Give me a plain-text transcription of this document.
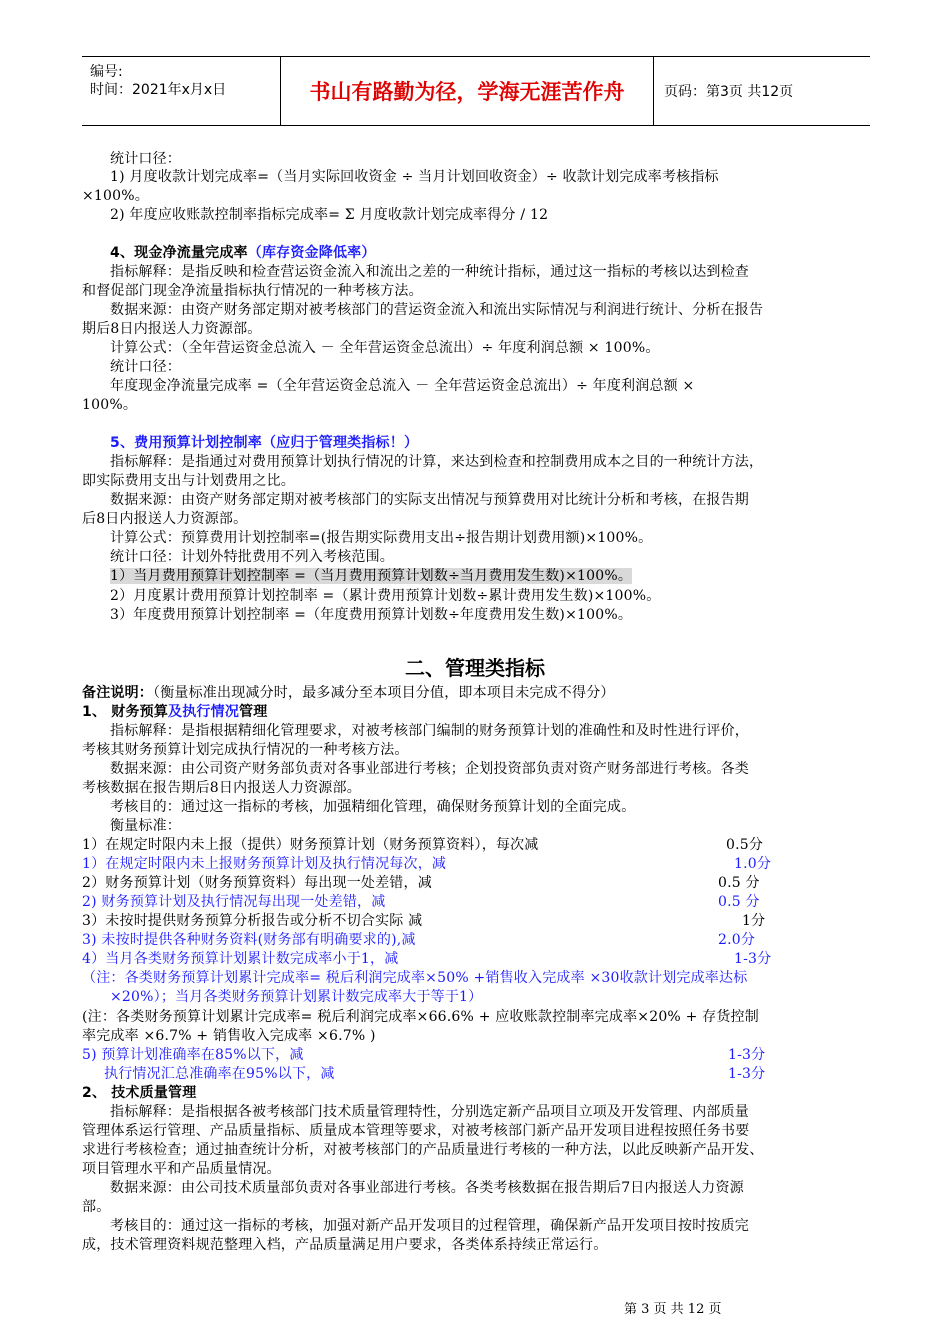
编号:
时间：2021年x月x日	书山有路勤为径，学海无涯苦作舟	页码：第3页 共12页
统计口径：
1) 月度收款计划完成率=（当月实际回收资金 ÷ 当月计划回收资金）÷ 收款计划完成率考核指标
×100%。
2) 年度应收账款控制率指标完成率= Σ 月度收款计划完成率得分 / 12
4、现金净流量完成率（库存资金降低率）
指标解释：是指反映和检查营运资金流入和流出之差的一种统计指标，通过这一指标的考核以达到检查
和督促部门现金净流量指标执行情况的一种考核方法。
数据来源：由资产财务部定期对被考核部门的营运资金流入和流出实际情况与利润进行统计、分析在报告
期后8日内报送人力资源部。
计算公式：（全年营运资金总流入 － 全年营运资金总流出）÷ 年度利润总额 × 100%。
统计口径：
年度现金净流量完成率 =（全年营运资金总流入 － 全年营运资金总流出）÷ 年度利润总额 ×
100%。
5、费用预算计划控制率（应归于管理类指标！）
指标解释：是指通过对费用预算计划执行情况的计算，来达到检查和控制费用成本之目的一种统计方法，
即实际费用支出与计划费用之比。
数据来源：由资产财务部定期对被考核部门的实际支出情况与预算费用对比统计分析和考核，在报告期
后8日内报送人力资源部。
计算公式：预算费用计划控制率=(报告期实际费用支出÷报告期计划费用额)×100%。
统计口径：计划外特批费用不列入考核范围。
1）当月费用预算计划控制率 =（当月费用预算计划数÷当月费用发生数)×100%。
2）月度累计费用预算计划控制率 =（累计费用预算计划数÷累计费用发生数)×100%。
3）年度费用预算计划控制率 =（年度费用预算计划数÷年度费用发生数)×100%。
二、管理类指标
备注说明：（衡量标准出现减分时，最多减分至本项目分值，即本项目未完成不得分）
1、 财务预算及执行情况管理
指标解释：是指根据精细化管理要求，对被考核部门编制的财务预算计划的准确性和及时性进行评价，
考核其财务预算计划完成执行情况的一种考核方法。
数据来源：由公司资产财务部负责对各事业部进行考核；企划投资部负责对资产财务部进行考核。各类
考核数据在报告期后8日内报送人力资源部。
考核目的：通过这一指标的考核，加强精细化管理，确保财务预算计划的全面完成。
衡量标准：
1）在规定时限内未上报（提供）财务预算计划（财务预算资料），每次减	0.5分
1）在规定时限内未上报财务预算计划及执行情况每次，减	1.0分
2）财务预算计划（财务预算资料）每出现一处差错，减	0.5 分
2) 财务预算计划及执行情况每出现一处差错，减	0.5 分
3）未按时提供财务预算分析报告或分析不切合实际 减	1分
3) 未按时提供各种财务资料(财务部有明确要求的),减	2.0分
4）当月各类财务预算计划累计数完成率小于1，减	1-3分
（注：各类财务预算计划累计完成率= 税后利润完成率×50% +销售收入完成率 ×30收款计划完成率达标
×20%）；当月各类财务预算计划累计数完成率大于等于1）
(注：各类财务预算计划累计完成率= 税后利润完成率×66.6% + 应收账款控制率完成率×20% + 存货控制
率完成率 ×6.7% + 销售收入完成率 ×6.7% )
5) 预算计划准确率在85%以下，减	1-3分
执行情况汇总准确率在95%以下，减	1-3分
2、 技术质量管理
指标解释：是指根据各被考核部门技术质量管理特性，分别选定新产品项目立项及开发管理、内部质量
管理体系运行管理、产品质量指标、质量成本管理等要求，对被考核部门新产品开发项目进程按照任务书要
求进行考核检查；通过抽查统计分析，对被考核部门的产品质量进行考核的一种方法，以此反映新产品开发、
项目管理水平和产品质量情况。
数据来源：由公司技术质量部负责对各事业部进行考核。各类考核数据在报告期后7日内报送人力资源
部。
考核目的：通过这一指标的考核，加强对新产品开发项目的过程管理，确保新产品开发项目按时按质完
成，技术管理资料规范整理入档，产品质量满足用户要求，各类体系持续正常运行。
第 3 页 共 12 页
